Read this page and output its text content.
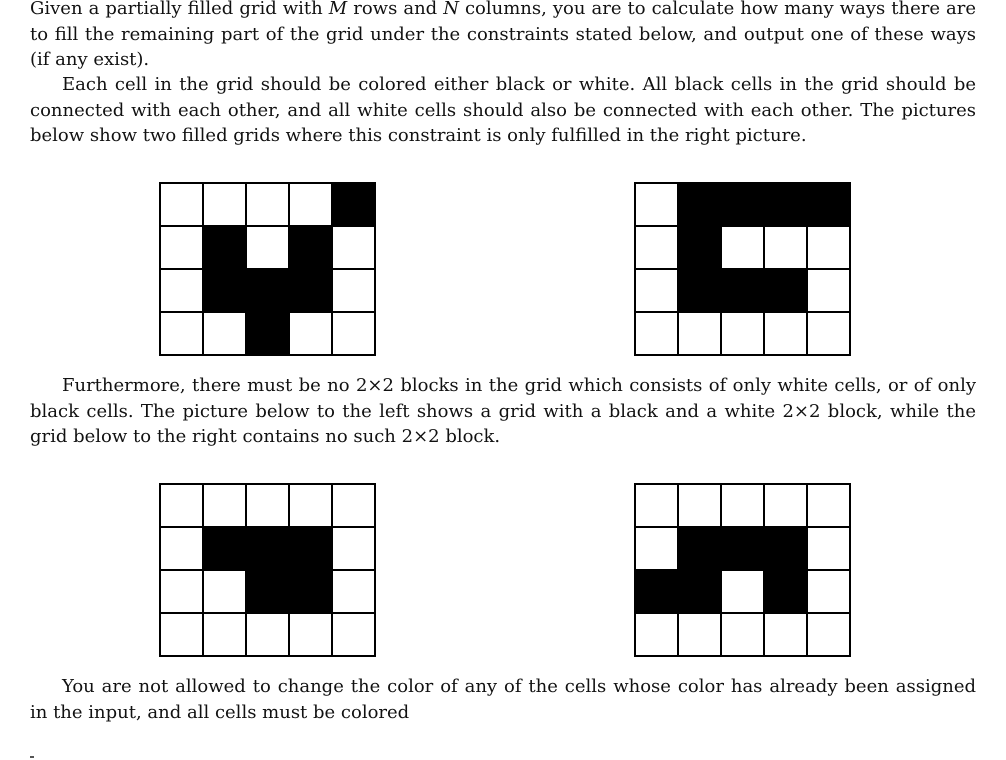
Given a partially filled grid with M rows and N columns, you are to calculate how many ways there are to fill the remaining part of the grid under the constraints stated below, and output one of these ways (if any exist).

Each cell in the grid should be colored either black or white. All black cells in the grid should be connected with each other, and all white cells should also be connected with each other. The pictures below show two filled grids where this constraint is only fulfilled in the right picture.

Furthermore, there must be no 2×2 blocks in the grid which consists of only white cells, or of only black cells. The picture below to the left shows a grid with a black and a white 2×2 block, while the grid below to the right contains no such 2×2 block.

You are not allowed to change the color of any of the cells whose color has already been assigned in the input, and all cells must be colored
